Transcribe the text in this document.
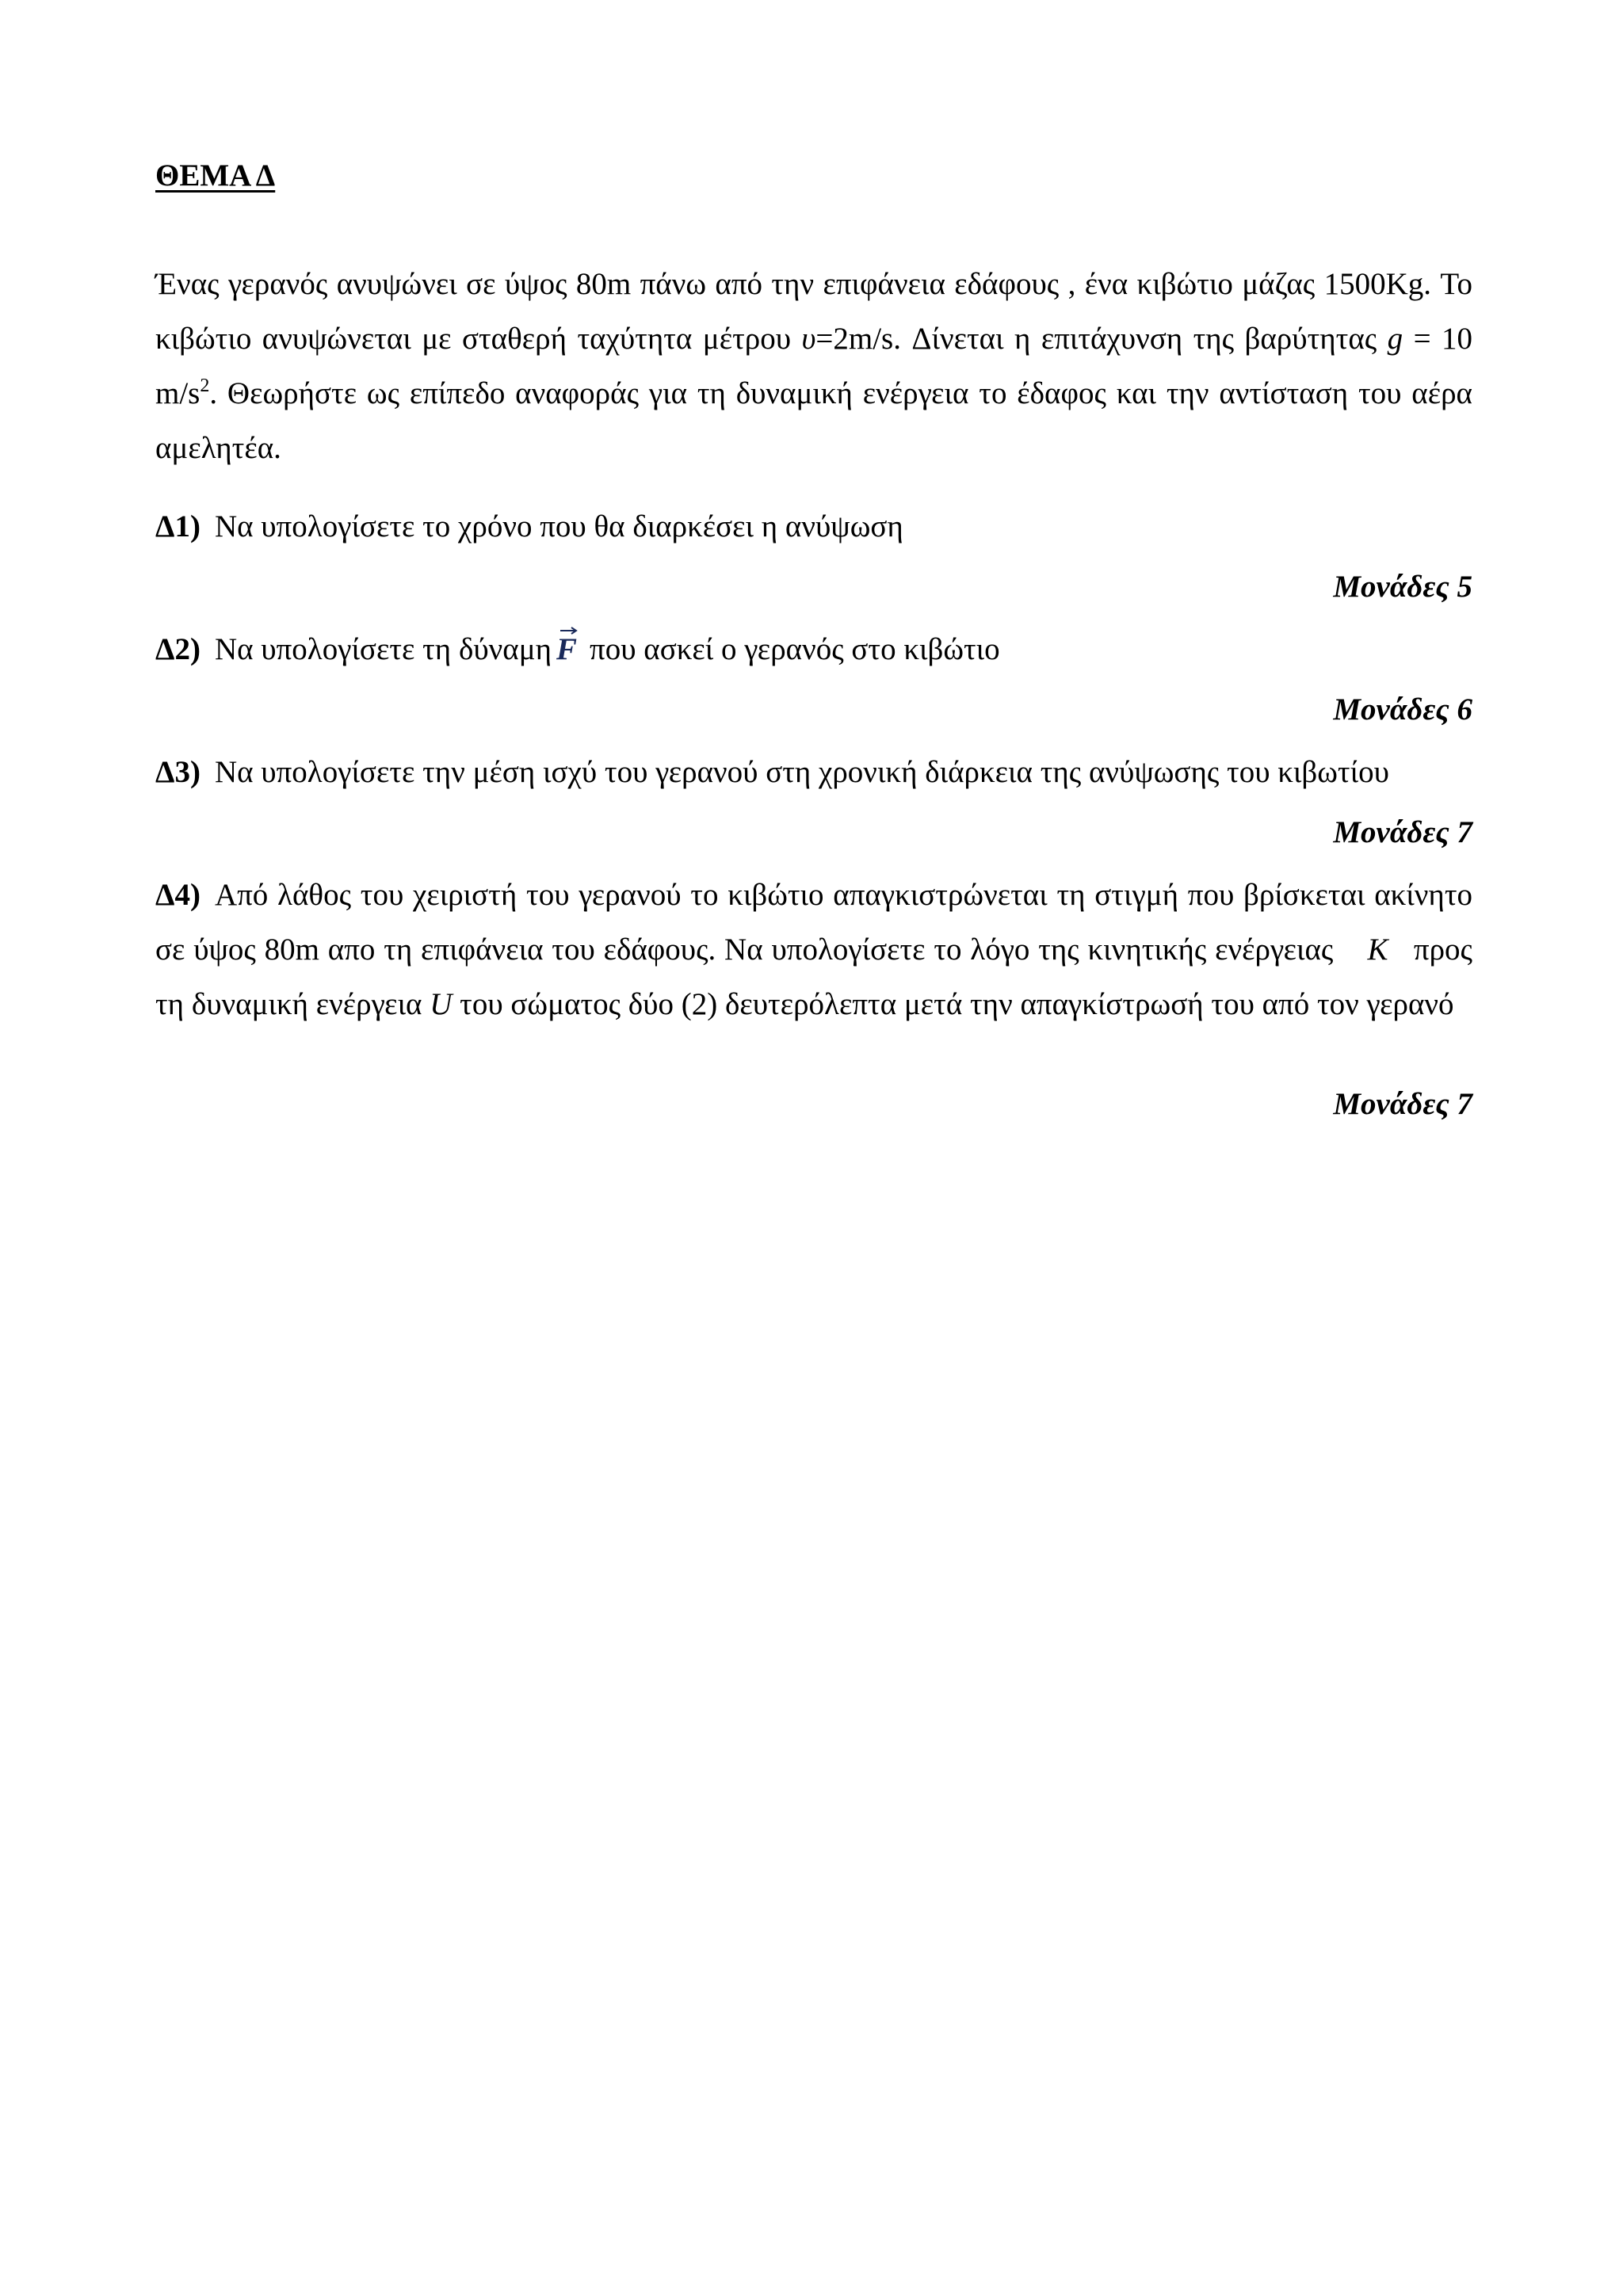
ΘΕΜΑ Δ

Ένας γερανός ανυψώνει σε ύψος 80m πάνω από την επιφάνεια εδάφους , ένα κιβώτιο μάζας 1500Kg. Το κιβώτιο ανυψώνεται με σταθερή ταχύτητα μέτρου υ=2m/s. Δίνεται η επιτάχυνση της βαρύτητας g = 10 $m/s^2$. Θεωρήστε ως επίπεδο αναφοράς για τη δυναμική ενέργεια το έδαφος και την αντίσταση του αέρα αμελητέα.

Δ1) Να υπολογίσετε το χρόνο που θα διαρκέσει η ανύψωση

Μονάδες 5

Δ2) Να υπολογίσετε τη δύναμη F που ασκεί ο γερανός στο κιβώτιο

Μονάδες 6

Δ3) Να υπολογίσετε την μέση ισχύ του γερανού στη χρονική διάρκεια της ανύψωσης του κιβωτίου

Μονάδες 7

Δ4) Από λάθος του χειριστή του γερανού το κιβώτιο απαγκιστρώνεται τη στιγμή που βρίσκεται ακίνητο σε ύψος 80m απο τη επιφάνεια του εδάφους. Να υπολογίσετε το λόγο της κινητικής ενέργειας    K   προς τη δυναμική ενέργεια U του σώματος δύο (2) δευτερόλεπτα μετά την απαγκίστρωσή του από τον γερανό

Μονάδες 7
